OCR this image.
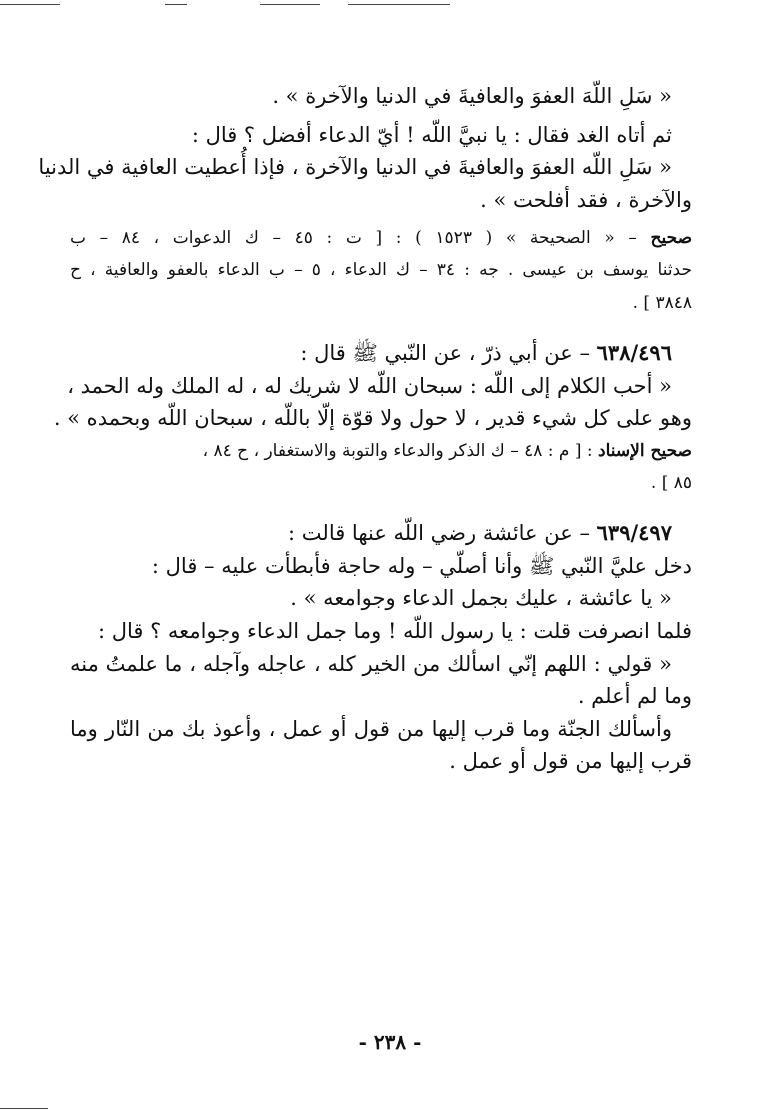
« سَلِ اللّهَ العفوَ والعافيةَ في الدنيا والآخرة » .

ثم أتاه الغد فقال : يا نبيَّ اللّه ! أيّ الدعاء أفضل ؟ قال :

« سَلِ اللّه العفوَ والعافيةَ في الدنيا والآخرة ، فإذا أُعطيت العافية في الدنيا

والآخرة ، فقد أفلحت » .

صحيح – « الصحيحة » ( ١٥٢٣ ) : [ ت : ٤٥ – ك الدعوات ، ٨٤ – ب

حدثنا يوسف بن عيسى . جه : ٣٤ – ك الدعاء ، ٥ – ب الدعاء بالعفو والعافية ، ح

٣٨٤٨ ] .

٦٣٨/٤٩٦ – عن أبي ذرّ ، عن النّبي ﷺ قال :

« أحب الكلام إلى اللّه : سبحان اللّه لا شريك له ، له الملك وله الحمد ،

وهو على كل شيء قدير ، لا حول ولا قوّة إلّا باللّه ، سبحان اللّه وبحمده » .

صحيح الإسناد : [ م : ٤٨ – ك الذكر والدعاء والتوبة والاستغفار ، ح ٨٤ ،

٨٥ ] .

٦٣٩/٤٩٧ – عن عائشة رضي اللّه عنها قالت :

دخل عليَّ النّبي ﷺ وأنا أصلّي – وله حاجة فأبطأت عليه – قال :

« يا عائشة ، عليك بجمل الدعاء وجوامعه » .

فلما انصرفت قلت : يا رسول اللّه ! وما جمل الدعاء وجوامعه ؟ قال :

« قولي : اللهم إنّي اسألك من الخير كله ، عاجله وآجله ، ما علمتُ منه

وما لم أعلم .

وأسألك الجنّة وما قرب إليها من قول أو عمل ، وأعوذ بك من النّار وما

قرب إليها من قول أو عمل .

- ٢٣٨ -
